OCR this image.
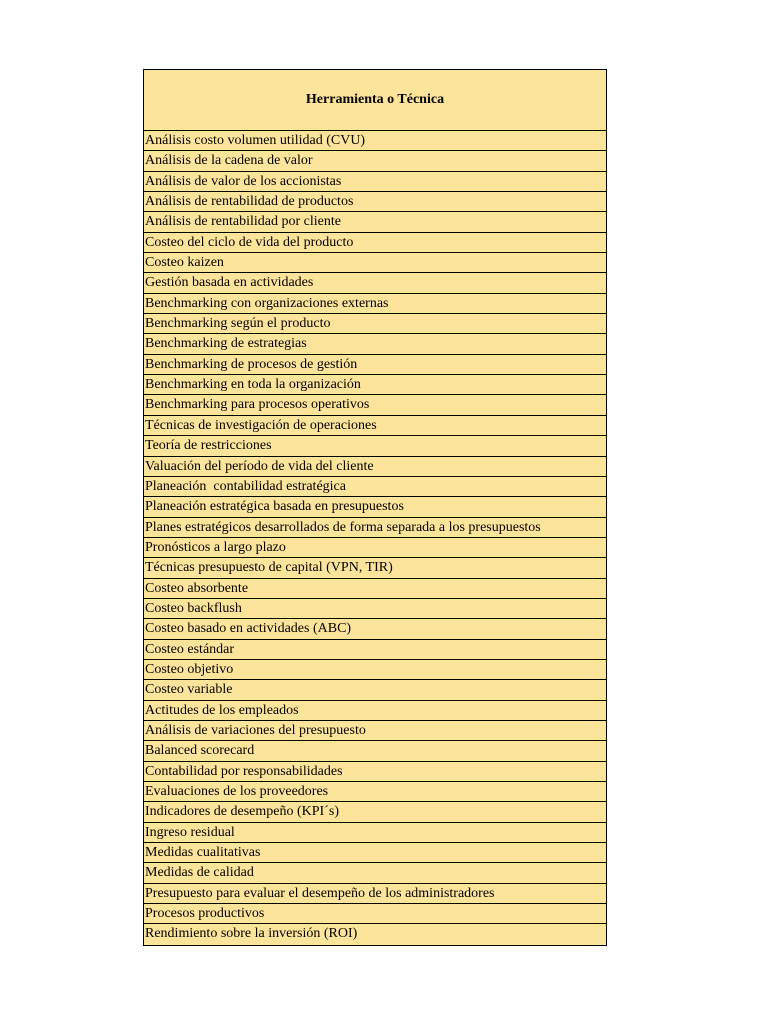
Herramienta o Técnica
Análisis costo volumen utilidad (CVU)
Análisis de la cadena de valor
Análisis de valor de los accionistas
Análisis de rentabilidad de productos
Análisis de rentabilidad por cliente
Costeo del ciclo de vida del producto
Costeo kaizen
Gestión basada en actividades
Benchmarking con organizaciones externas
Benchmarking según el producto
Benchmarking de estrategias
Benchmarking de procesos de gestión
Benchmarking en toda la organización
Benchmarking para procesos operativos
Técnicas de investigación de operaciones
Teoría de restricciones
Valuación del período de vida del cliente
Planeación  contabilidad estratégica
Planeación estratégica basada en presupuestos
Planes estratégicos desarrollados de forma separada a los presupuestos
Pronósticos a largo plazo
Técnicas presupuesto de capital (VPN, TIR)
Costeo absorbente
Costeo backflush
Costeo basado en actividades (ABC)
Costeo estándar
Costeo objetivo
Costeo variable
Actitudes de los empleados
Análisis de variaciones del presupuesto
Balanced scorecard
Contabilidad por responsabilidades
Evaluaciones de los proveedores
Indicadores de desempeño (KPI´s)
Ingreso residual
Medidas cualitativas
Medidas de calidad
Presupuesto para evaluar el desempeño de los administradores
Procesos productivos
Rendimiento sobre la inversión (ROI)
